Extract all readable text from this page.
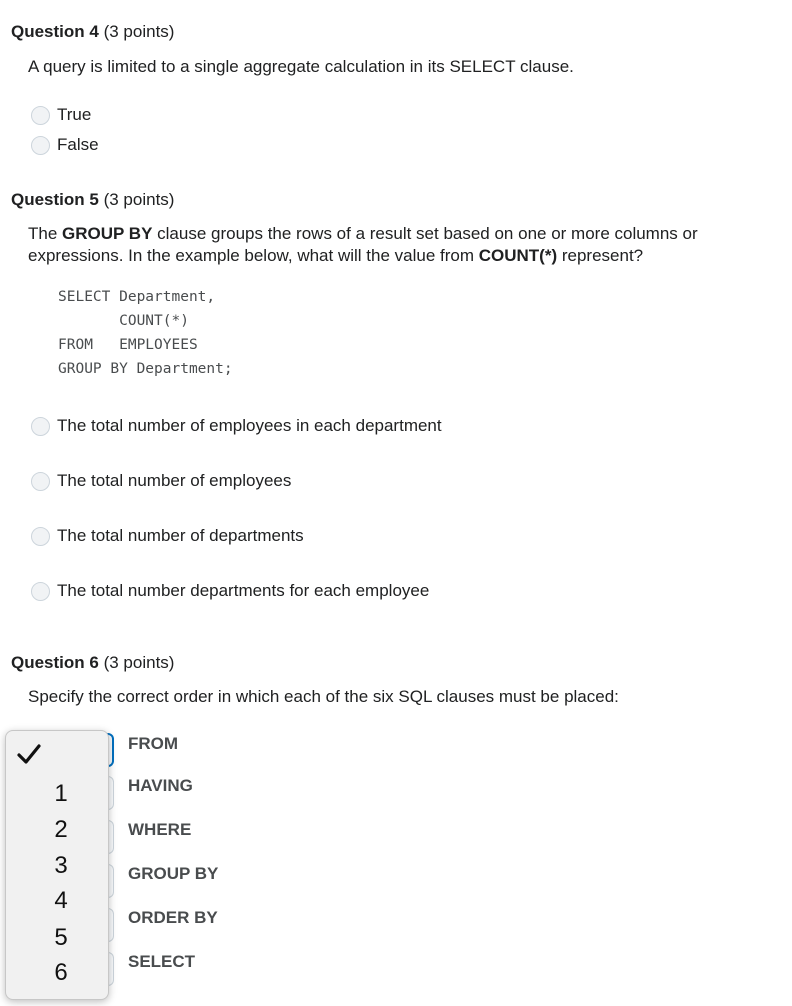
Question 4 (3 points)
A query is limited to a single aggregate calculation in its SELECT clause.
True
False
Question 5 (3 points)
The GROUP BY clause groups the rows of a result set based on one or more columns or expressions. In the example below, what will the value from COUNT(*) represent?
SELECT Department,
COUNT(*)
FROM   EMPLOYEES
GROUP BY Department;
The total number of employees in each department
The total number of employees
The total number of departments
The total number departments for each employee
Question 6 (3 points)
Specify the correct order in which each of the six SQL clauses must be placed:
FROM
HAVING
WHERE
GROUP BY
ORDER BY
SELECT
1
2
3
4
5
6
